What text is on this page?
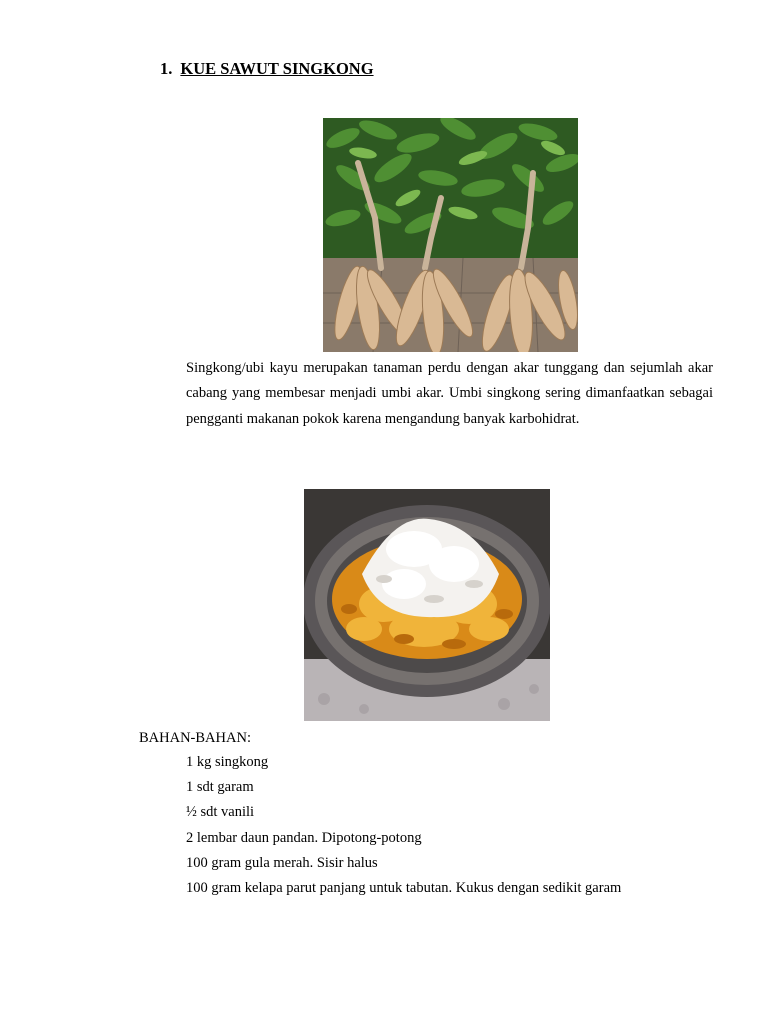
1. KUE SAWUT SINGKONG
Singkong/ubi kayu merupakan tanaman perdu dengan akar tunggang dan sejumlah akar cabang yang membesar menjadi umbi akar. Umbi singkong sering dimanfaatkan sebagai pengganti makanan pokok karena mengandung banyak karbohidrat.
BAHAN-BAHAN:
1 kg singkong
1 sdt garam
½ sdt vanili
2 lembar daun pandan. Dipotong-potong
100 gram gula merah. Sisir halus
100 gram kelapa parut panjang untuk tabutan. Kukus dengan sedikit garam
